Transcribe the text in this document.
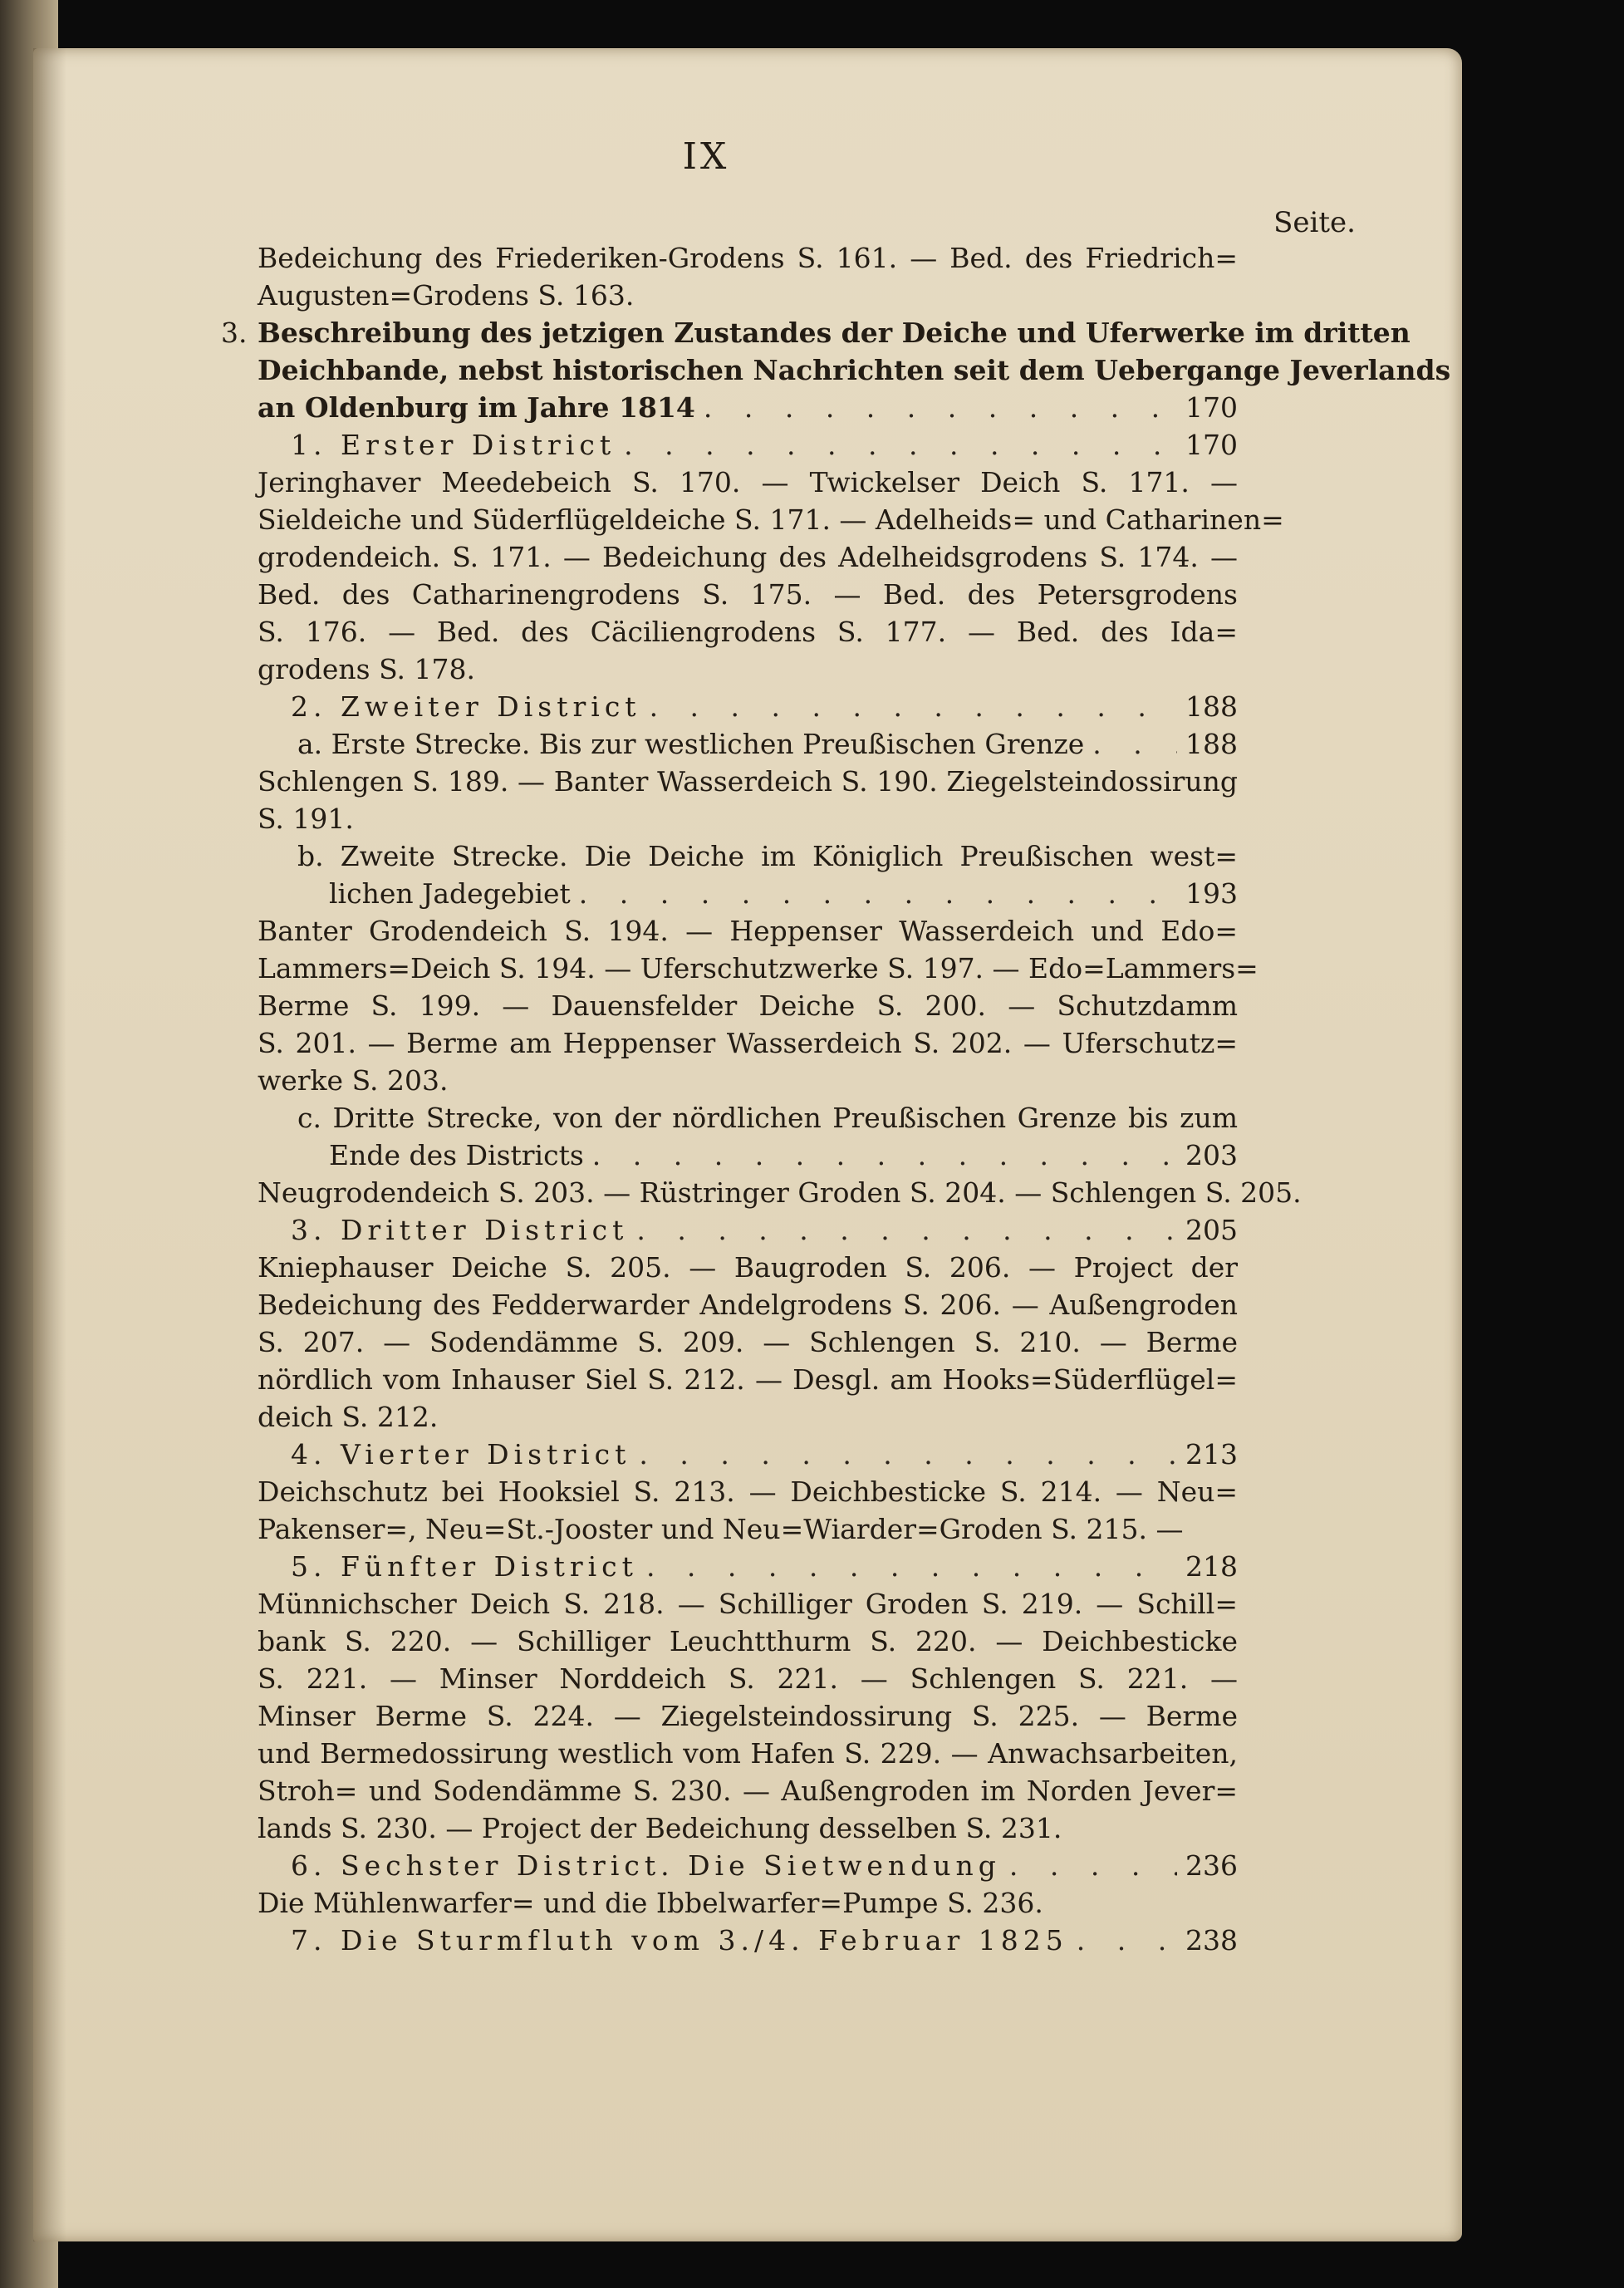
IX
Seite.
Bedeichung des Friederiken-Grodens S. 161. — Bed. des Friedrich=
Augusten=Grodens S. 163.
3. Beschreibung des jetzigen Zustandes der Deiche und Uferwerke im dritten
Deichbande, nebst historischen Nachrichten seit dem Uebergange Jeverlands
an Oldenburg im Jahre 1814 . . .	170
1. Erster District . . .	170
Jeringhaver Meedebeich S. 170. — Twickelser Deich S. 171. —
Sieldeiche und Süderflügeldeiche S. 171. — Adelheids= und Catharinen=
grodendeich. S. 171. — Bedeichung des Adelheidsgrodens S. 174. —
Bed. des Catharinengrodens S. 175. — Bed. des Petersgrodens
S. 176. — Bed. des Cäciliengrodens S. 177. — Bed. des Ida=
grodens S. 178.
2. Zweiter District . . .	188
a. Erste Strecke. Bis zur westlichen Preußischen Grenze . . .	188
Schlengen S. 189. — Banter Wasserdeich S. 190. Ziegelsteindossirung
S. 191.
b. Zweite Strecke. Die Deiche im Königlich Preußischen west=
lichen Jadegebiet . . .	193
Banter Grodendeich S. 194. — Heppenser Wasserdeich und Edo=
Lammers=Deich S. 194. — Uferschutzwerke S. 197. — Edo=Lammers=
Berme S. 199. — Dauensfelder Deiche S. 200. — Schutzdamm
S. 201. — Berme am Heppenser Wasserdeich S. 202. — Uferschutz=
werke S. 203.
c. Dritte Strecke, von der nördlichen Preußischen Grenze bis zum
Ende des Districts . . .	203
Neugrodendeich S. 203. — Rüstringer Groden S. 204. — Schlengen S. 205.
3. Dritter District . . .	205
Kniephauser Deiche S. 205. — Baugroden S. 206. — Project der
Bedeichung des Fedderwarder Andelgrodens S. 206. — Außengroden
S. 207. — Sodendämme S. 209. — Schlengen S. 210. — Berme
nördlich vom Inhauser Siel S. 212. — Desgl. am Hooks=Süderflügel=
deich S. 212.
4. Vierter District . . .	213
Deichschutz bei Hooksiel S. 213. — Deichbesticke S. 214. — Neu=
Pakenser=, Neu=St.-Jooster und Neu=Wiarder=Groden S. 215. —
5. Fünfter District . . .	218
Münnichscher Deich S. 218. — Schilliger Groden S. 219. — Schill=
bank S. 220. — Schilliger Leuchtthurm S. 220. — Deichbesticke
S. 221. — Minser Norddeich S. 221. — Schlengen S. 221. —
Minser Berme S. 224. — Ziegelsteindossirung S. 225. — Berme
und Bermedossirung westlich vom Hafen S. 229. — Anwachsarbeiten,
Stroh= und Sodendämme S. 230. — Außengroden im Norden Jever=
lands S. 230. — Project der Bedeichung desselben S. 231.
6. Sechster District. Die Sietwendung . . .	236
Die Mühlenwarfer= und die Ibbelwarfer=Pumpe S. 236.
7. Die Sturmfluth vom 3./4. Februar 1825 . . .	238
